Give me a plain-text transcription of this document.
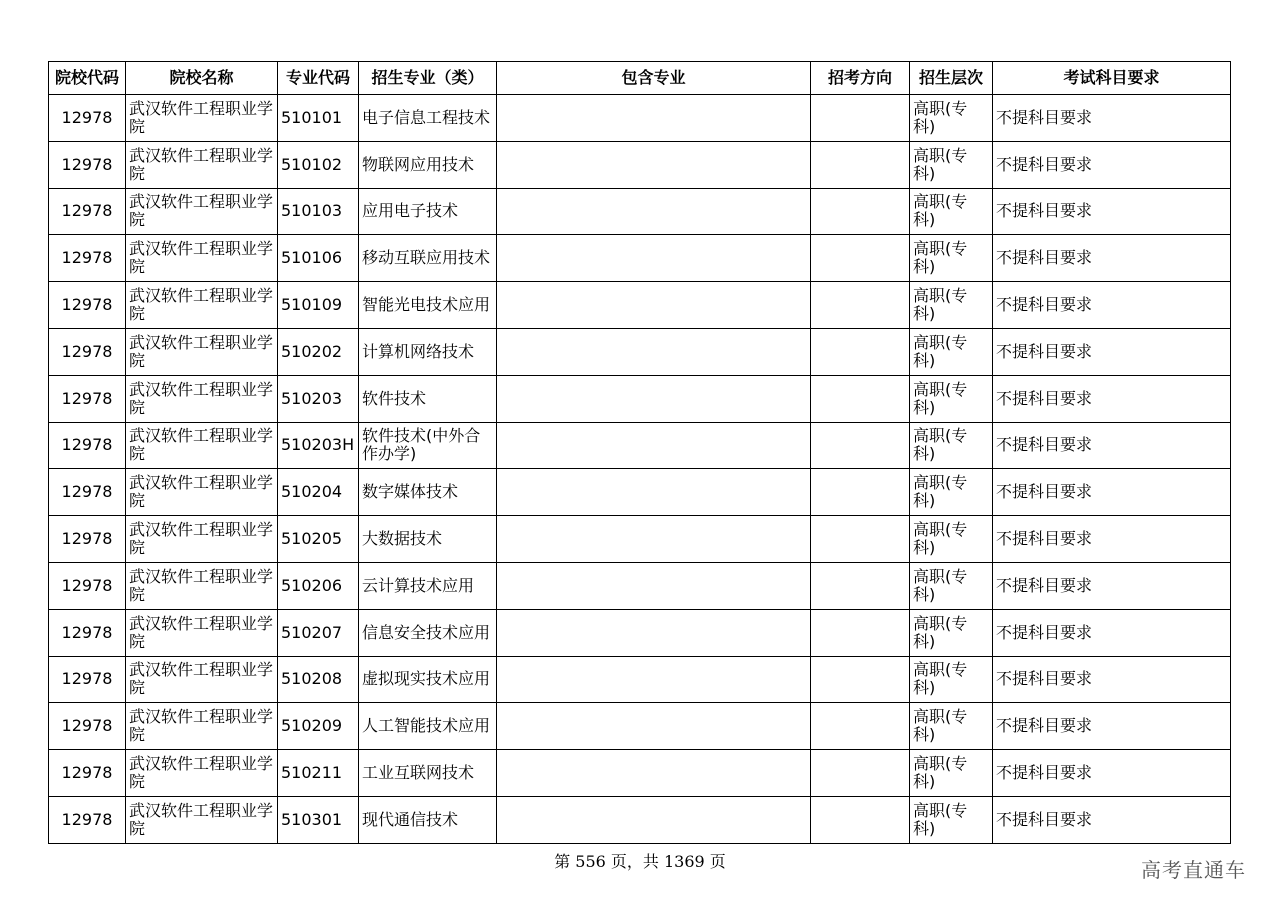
院校代码	院校名称	专业代码	招生专业（类）	包含专业	招考方向	招生层次	考试科目要求
12978	武汉软件工程职业学院	510101	电子信息工程技术			高职(专科)	不提科目要求
12978	武汉软件工程职业学院	510102	物联网应用技术			高职(专科)	不提科目要求
12978	武汉软件工程职业学院	510103	应用电子技术			高职(专科)	不提科目要求
12978	武汉软件工程职业学院	510106	移动互联应用技术			高职(专科)	不提科目要求
12978	武汉软件工程职业学院	510109	智能光电技术应用			高职(专科)	不提科目要求
12978	武汉软件工程职业学院	510202	计算机网络技术			高职(专科)	不提科目要求
12978	武汉软件工程职业学院	510203	软件技术			高职(专科)	不提科目要求
12978	武汉软件工程职业学院	510203H	软件技术(中外合作办学)			高职(专科)	不提科目要求
12978	武汉软件工程职业学院	510204	数字媒体技术			高职(专科)	不提科目要求
12978	武汉软件工程职业学院	510205	大数据技术			高职(专科)	不提科目要求
12978	武汉软件工程职业学院	510206	云计算技术应用			高职(专科)	不提科目要求
12978	武汉软件工程职业学院	510207	信息安全技术应用			高职(专科)	不提科目要求
12978	武汉软件工程职业学院	510208	虚拟现实技术应用			高职(专科)	不提科目要求
12978	武汉软件工程职业学院	510209	人工智能技术应用			高职(专科)	不提科目要求
12978	武汉软件工程职业学院	510211	工业互联网技术			高职(专科)	不提科目要求
12978	武汉软件工程职业学院	510301	现代通信技术			高职(专科)	不提科目要求
第 556 页，共 1369 页	高考直通车
